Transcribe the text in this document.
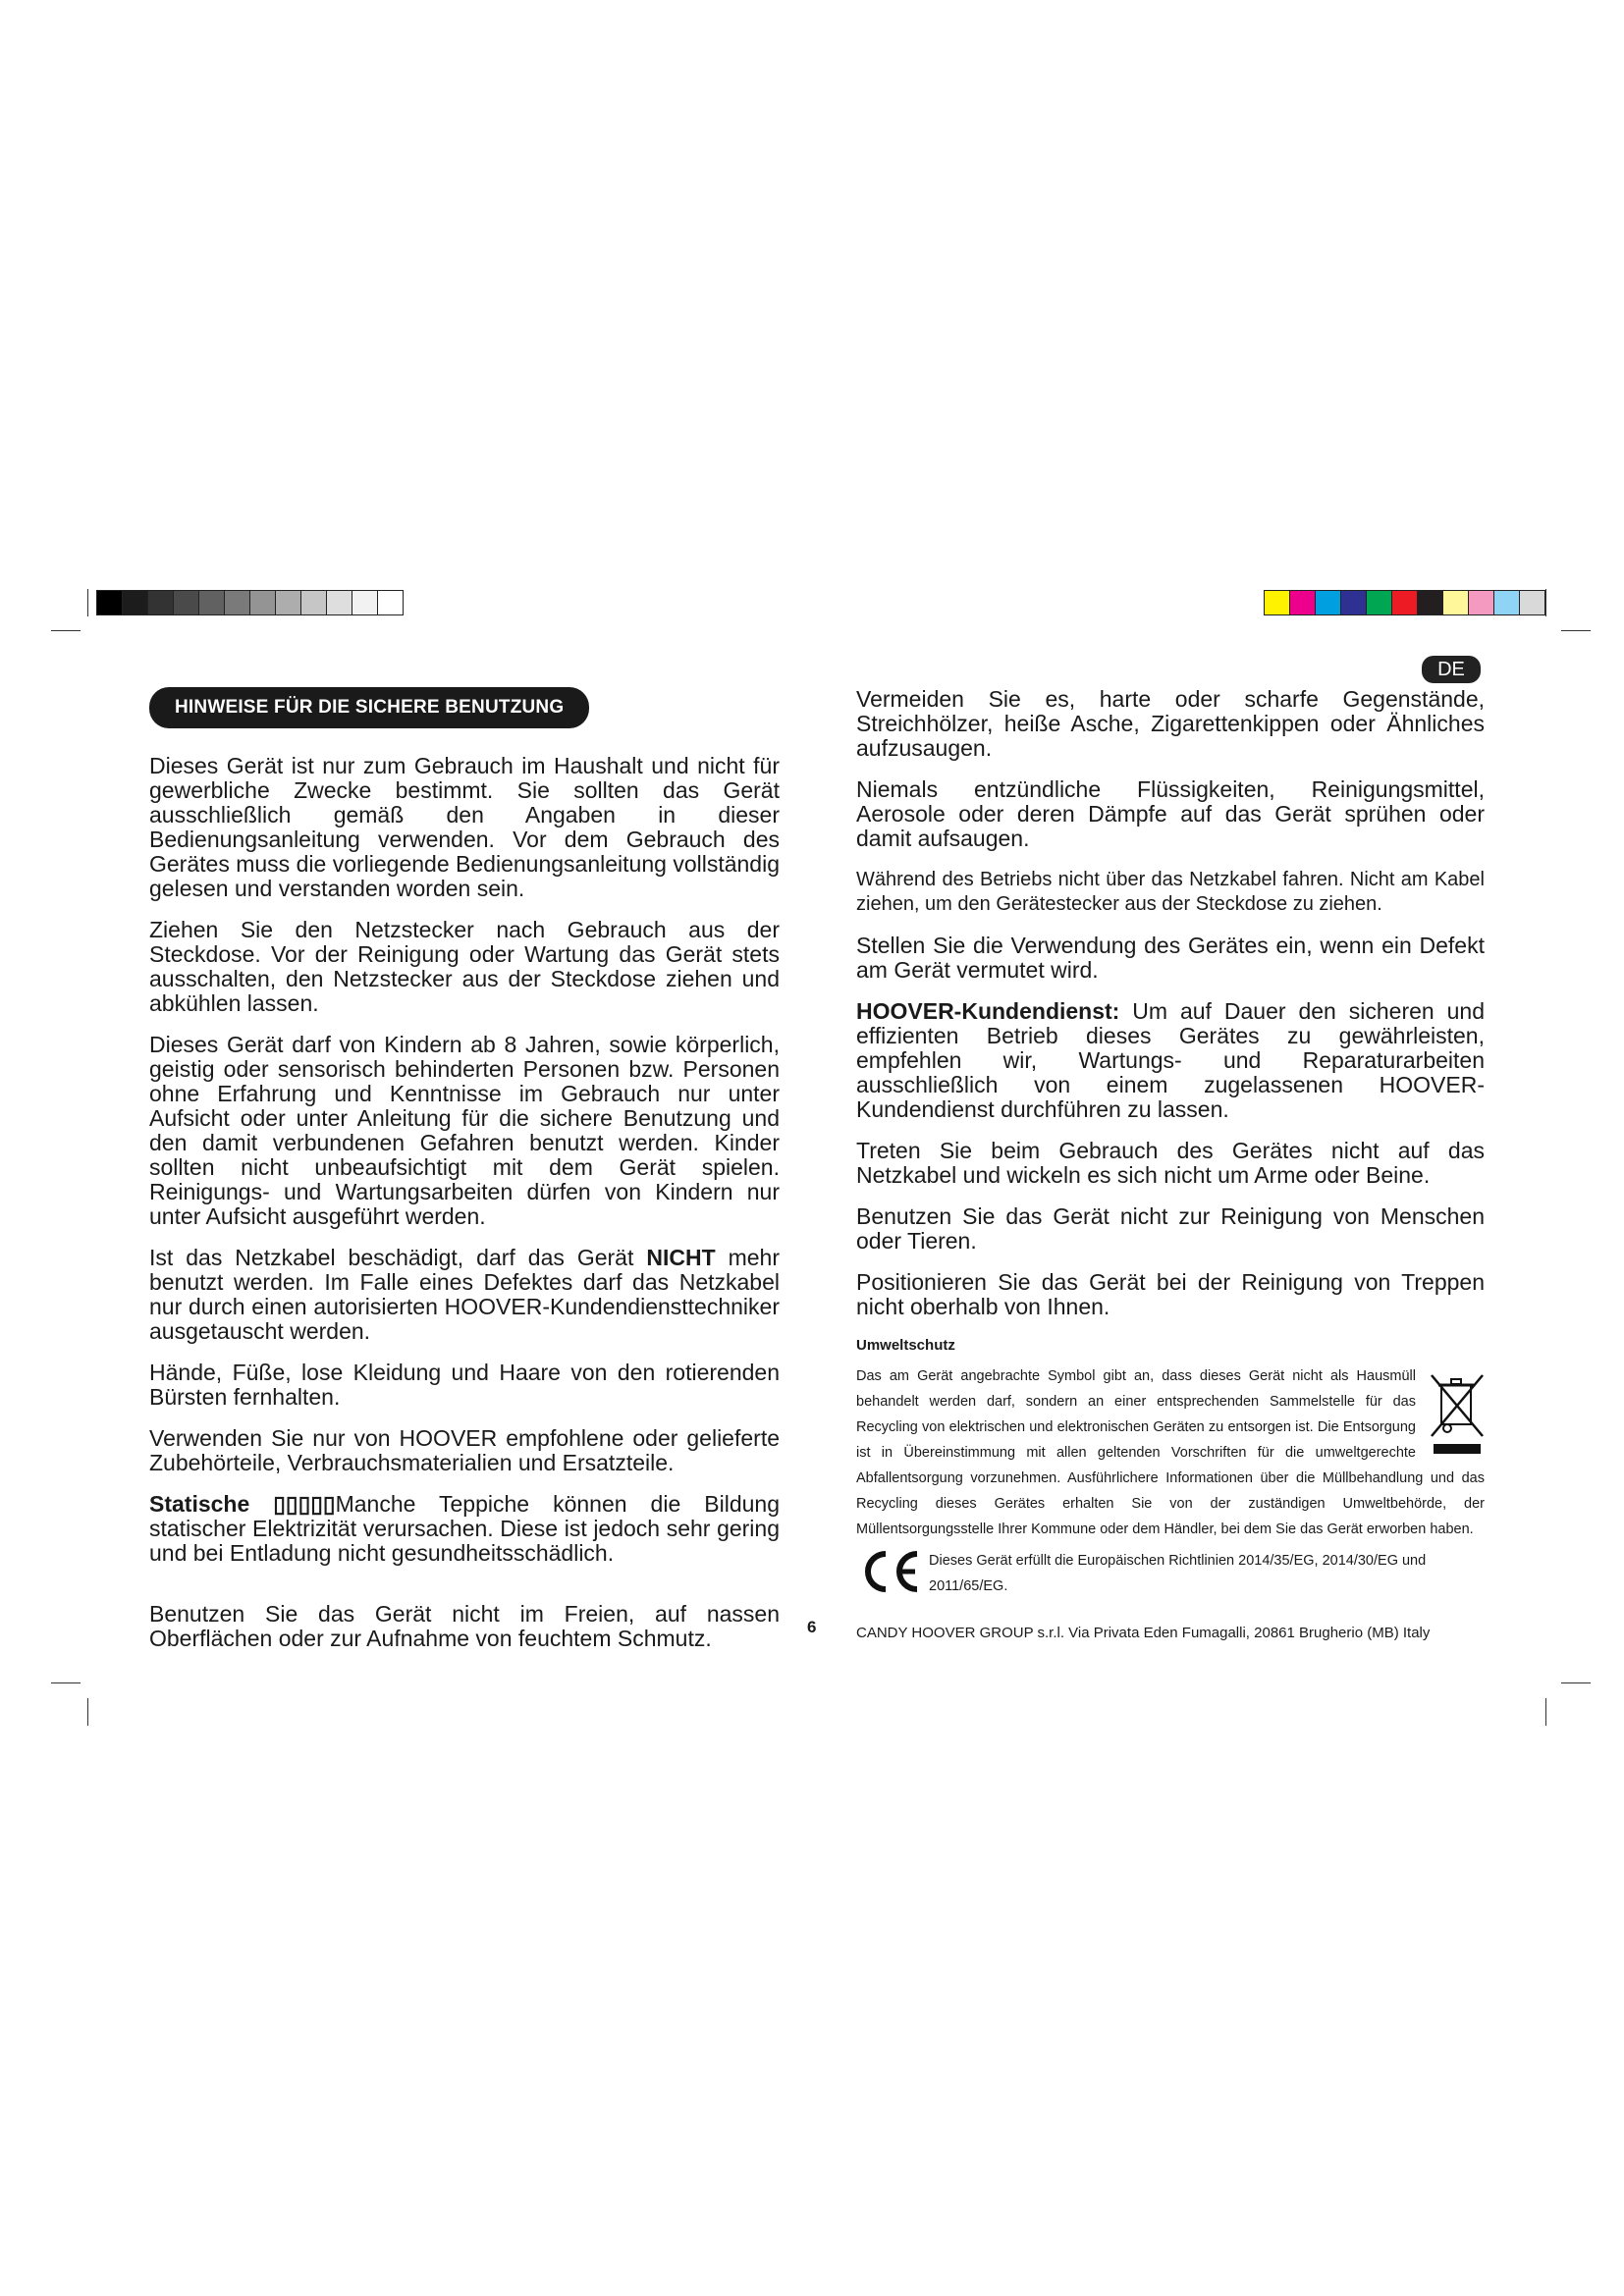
DE
HINWEISE FÜR DIE SICHERE BENUTZUNG

Dieses Gerät ist nur zum Gebrauch im Haushalt und nicht für gewerbliche Zwecke bestimmt. Sie sollten das Gerät ausschließlich gemäß den Angaben in dieser Bedienungsanleitung verwenden. Vor dem Gebrauch des Gerätes muss die vorliegende Bedienungsanleitung vollständig gelesen und verstanden worden sein.

Ziehen Sie den Netzstecker nach Gebrauch aus der Steckdose. Vor der Reinigung oder Wartung das Gerät stets ausschalten, den Netzstecker aus der Steckdose ziehen und abkühlen lassen.

Dieses Gerät darf von Kindern ab 8 Jahren, sowie körperlich, geistig oder sensorisch behinderten Personen bzw. Personen ohne Erfahrung und Kenntnisse im Gebrauch nur unter Aufsicht oder unter Anleitung für die sichere Benutzung und den damit verbundenen Gefahren benutzt werden. Kinder sollten nicht unbeaufsichtigt mit dem Gerät spielen. Reinigungs- und Wartungsarbeiten dürfen von Kindern nur unter Aufsicht ausgeführt werden.

Ist das Netzkabel beschädigt, darf das Gerät NICHT mehr benutzt werden. Im Falle eines Defektes darf das Netzkabel nur durch einen autorisierten HOOVER-Kundendiensttechniker ausgetauscht werden.

Hände, Füße, lose Kleidung und Haare von den rotierenden Bürsten fernhalten.

Verwenden Sie nur von HOOVER empfohlene oder gelieferte Zubehörteile, Verbrauchsmaterialien und Ersatzteile.

Statische ▯▯▯▯▯Manche Teppiche können die Bildung statischer Elektrizität verursachen. Diese ist jedoch sehr gering und bei Entladung nicht gesundheitsschädlich.

Benutzen Sie das Gerät nicht im Freien, auf nassen Oberflächen oder zur Aufnahme von feuchtem Schmutz.

Vermeiden Sie es, harte oder scharfe Gegenstände, Streichhölzer, heiße Asche, Zigarettenkippen oder Ähnliches aufzusaugen.

Niemals entzündliche Flüssigkeiten, Reinigungsmittel, Aerosole oder deren Dämpfe auf das Gerät sprühen oder damit aufsaugen.

Während des Betriebs nicht über das Netzkabel fahren. Nicht am Kabel ziehen, um den Gerätestecker aus der Steckdose zu ziehen.

Stellen Sie die Verwendung des Gerätes ein, wenn ein Defekt am Gerät vermutet wird.

HOOVER-Kundendienst: Um auf Dauer den sicheren und effizienten Betrieb dieses Gerätes zu gewährleisten, empfehlen wir, Wartungs- und Reparaturarbeiten ausschließlich von einem zugelassenen HOOVER-Kundendienst durchführen zu lassen.

Treten Sie beim Gebrauch des Gerätes nicht auf das Netzkabel und wickeln es sich nicht um Arme oder Beine.

Benutzen Sie das Gerät nicht zur Reinigung von Menschen oder Tieren.

Positionieren Sie das Gerät bei der Reinigung von Treppen nicht oberhalb von Ihnen.

Umweltschutz

Das am Gerät angebrachte Symbol gibt an, dass dieses Gerät nicht als Hausmüll behandelt werden darf, sondern an einer entsprechenden Sammelstelle für das Recycling von elektrischen und elektronischen Geräten zu entsorgen ist. Die Entsorgung ist in Übereinstimmung mit allen geltenden Vorschriften für die umweltgerechte Abfallentsorgung vorzunehmen. Ausführlichere Informationen über die Müllbehandlung und das Recycling dieses Gerätes erhalten Sie von der zuständigen Umweltbehörde, der Müllentsorgungsstelle Ihrer Kommune oder dem Händler, bei dem Sie das Gerät erworben haben.

Dieses Gerät erfüllt die Europäischen Richtlinien 2014/35/EG, 2014/30/EG und 2011/65/EG.
CANDY HOOVER GROUP s.r.l. Via Privata Eden Fumagalli, 20861 Brugherio (MB) Italy
6
